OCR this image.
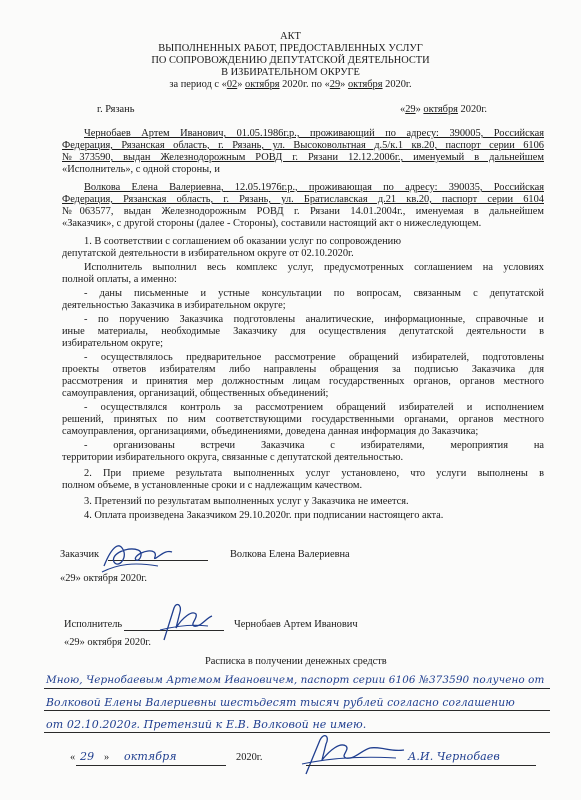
АКТ
ВЫПОЛНЕННЫХ РАБОТ, ПРЕДОСТАВЛЕННЫХ УСЛУГ
ПО СОПРОВОЖДЕНИЮ ДЕПУТАТСКОЙ ДЕЯТЕЛЬНОСТИ
В ИЗБИРАТЕЛЬНОМ ОКРУГЕ
за период с «02» октября 2020г. по «29» октября 2020г.
г. Рязань	«29» октября 2020г.
Чернобаев Артем Иванович, 01.05.1986г.р., проживающий по адресу: 390005, Российская
Федерация, Рязанская область, г. Рязань, ул. Высоковольтная д.5/к.1 кв.20, паспорт серии 6106
№373590, выдан Железнодорожным РОВД г. Рязани 12.12.2006г., именуемый в дальнейшем
«Исполнитель», с одной стороны, и
Волкова Елена Валериевна, 12.05.1976г.р., проживающая по адресу: 390035, Российская
Федерация, Рязанская область, г. Рязань, ул. Братиславская д.21 кв.20, паспорт серии 6104
№063577, выдан Железнодорожным РОВД г. Рязани 14.01.2004г., именуемая в дальнейшем
«Заказчик», с другой стороны (далее - Стороны), составили настоящий акт о нижеследующем.
1. В соответствии с соглашением об оказании услуг по сопровождению
депутатской деятельности в избирательном округе от 02.10.2020г.
Исполнитель выполнил весь комплекс услуг, предусмотренных соглашением на условиях
полной оплаты, а именно:
- даны письменные и устные консультации по вопросам, связанным с депутатской
деятельностью Заказчика в избирательном округе;
- по поручению Заказчика подготовлены аналитические, информационные, справочные и
иные материалы, необходимые Заказчику для осуществления депутатской деятельности в
избирательном округе;
- осуществлялось предварительное рассмотрение обращений избирателей, подготовлены
проекты ответов избирателям либо направлены обращения за подписью Заказчика для
рассмотрения и принятия мер должностным лицам государственных органов, органов местного
самоуправления, организаций, общественных объединений;
- осуществлялся контроль за рассмотрением обращений избирателей и исполнением
решений, принятых по ним соответствующими государственными органами, органов местного
самоуправления, организациями, объединениями, доведена данная информация до Заказчика;
- организованы встречи Заказчика с избирателями, мероприятия на
территории избирательного округа, связанные с депутатской деятельностью.
2. При приеме результата выполненных услуг установлено, что услуги выполнены в
полном объеме, в установленные сроки и с надлежащим качеством.
3. Претензий по результатам выполненных услуг у Заказчика не имеется.
4. Оплата произведена Заказчиком 29.10.2020г. при подписании настоящего акта.
Заказчик	Волкова Елена Валериевна
«29» октября 2020г.
Исполнитель	Чернобаев Артем Иванович
«29» октября 2020г.
Расписка в получении денежных средств
Мною, Чернобаевым Артемом Ивановичем, паспорт серии 6106 №373590 получено от
Волковой Елены Валериевны шестьдесят тысяч рублей согласно соглашению
от 02.10.2020г. Претензий к Е.В. Волковой не имею.
« 29 » октября	2020г.	А.И. Чернобаев
